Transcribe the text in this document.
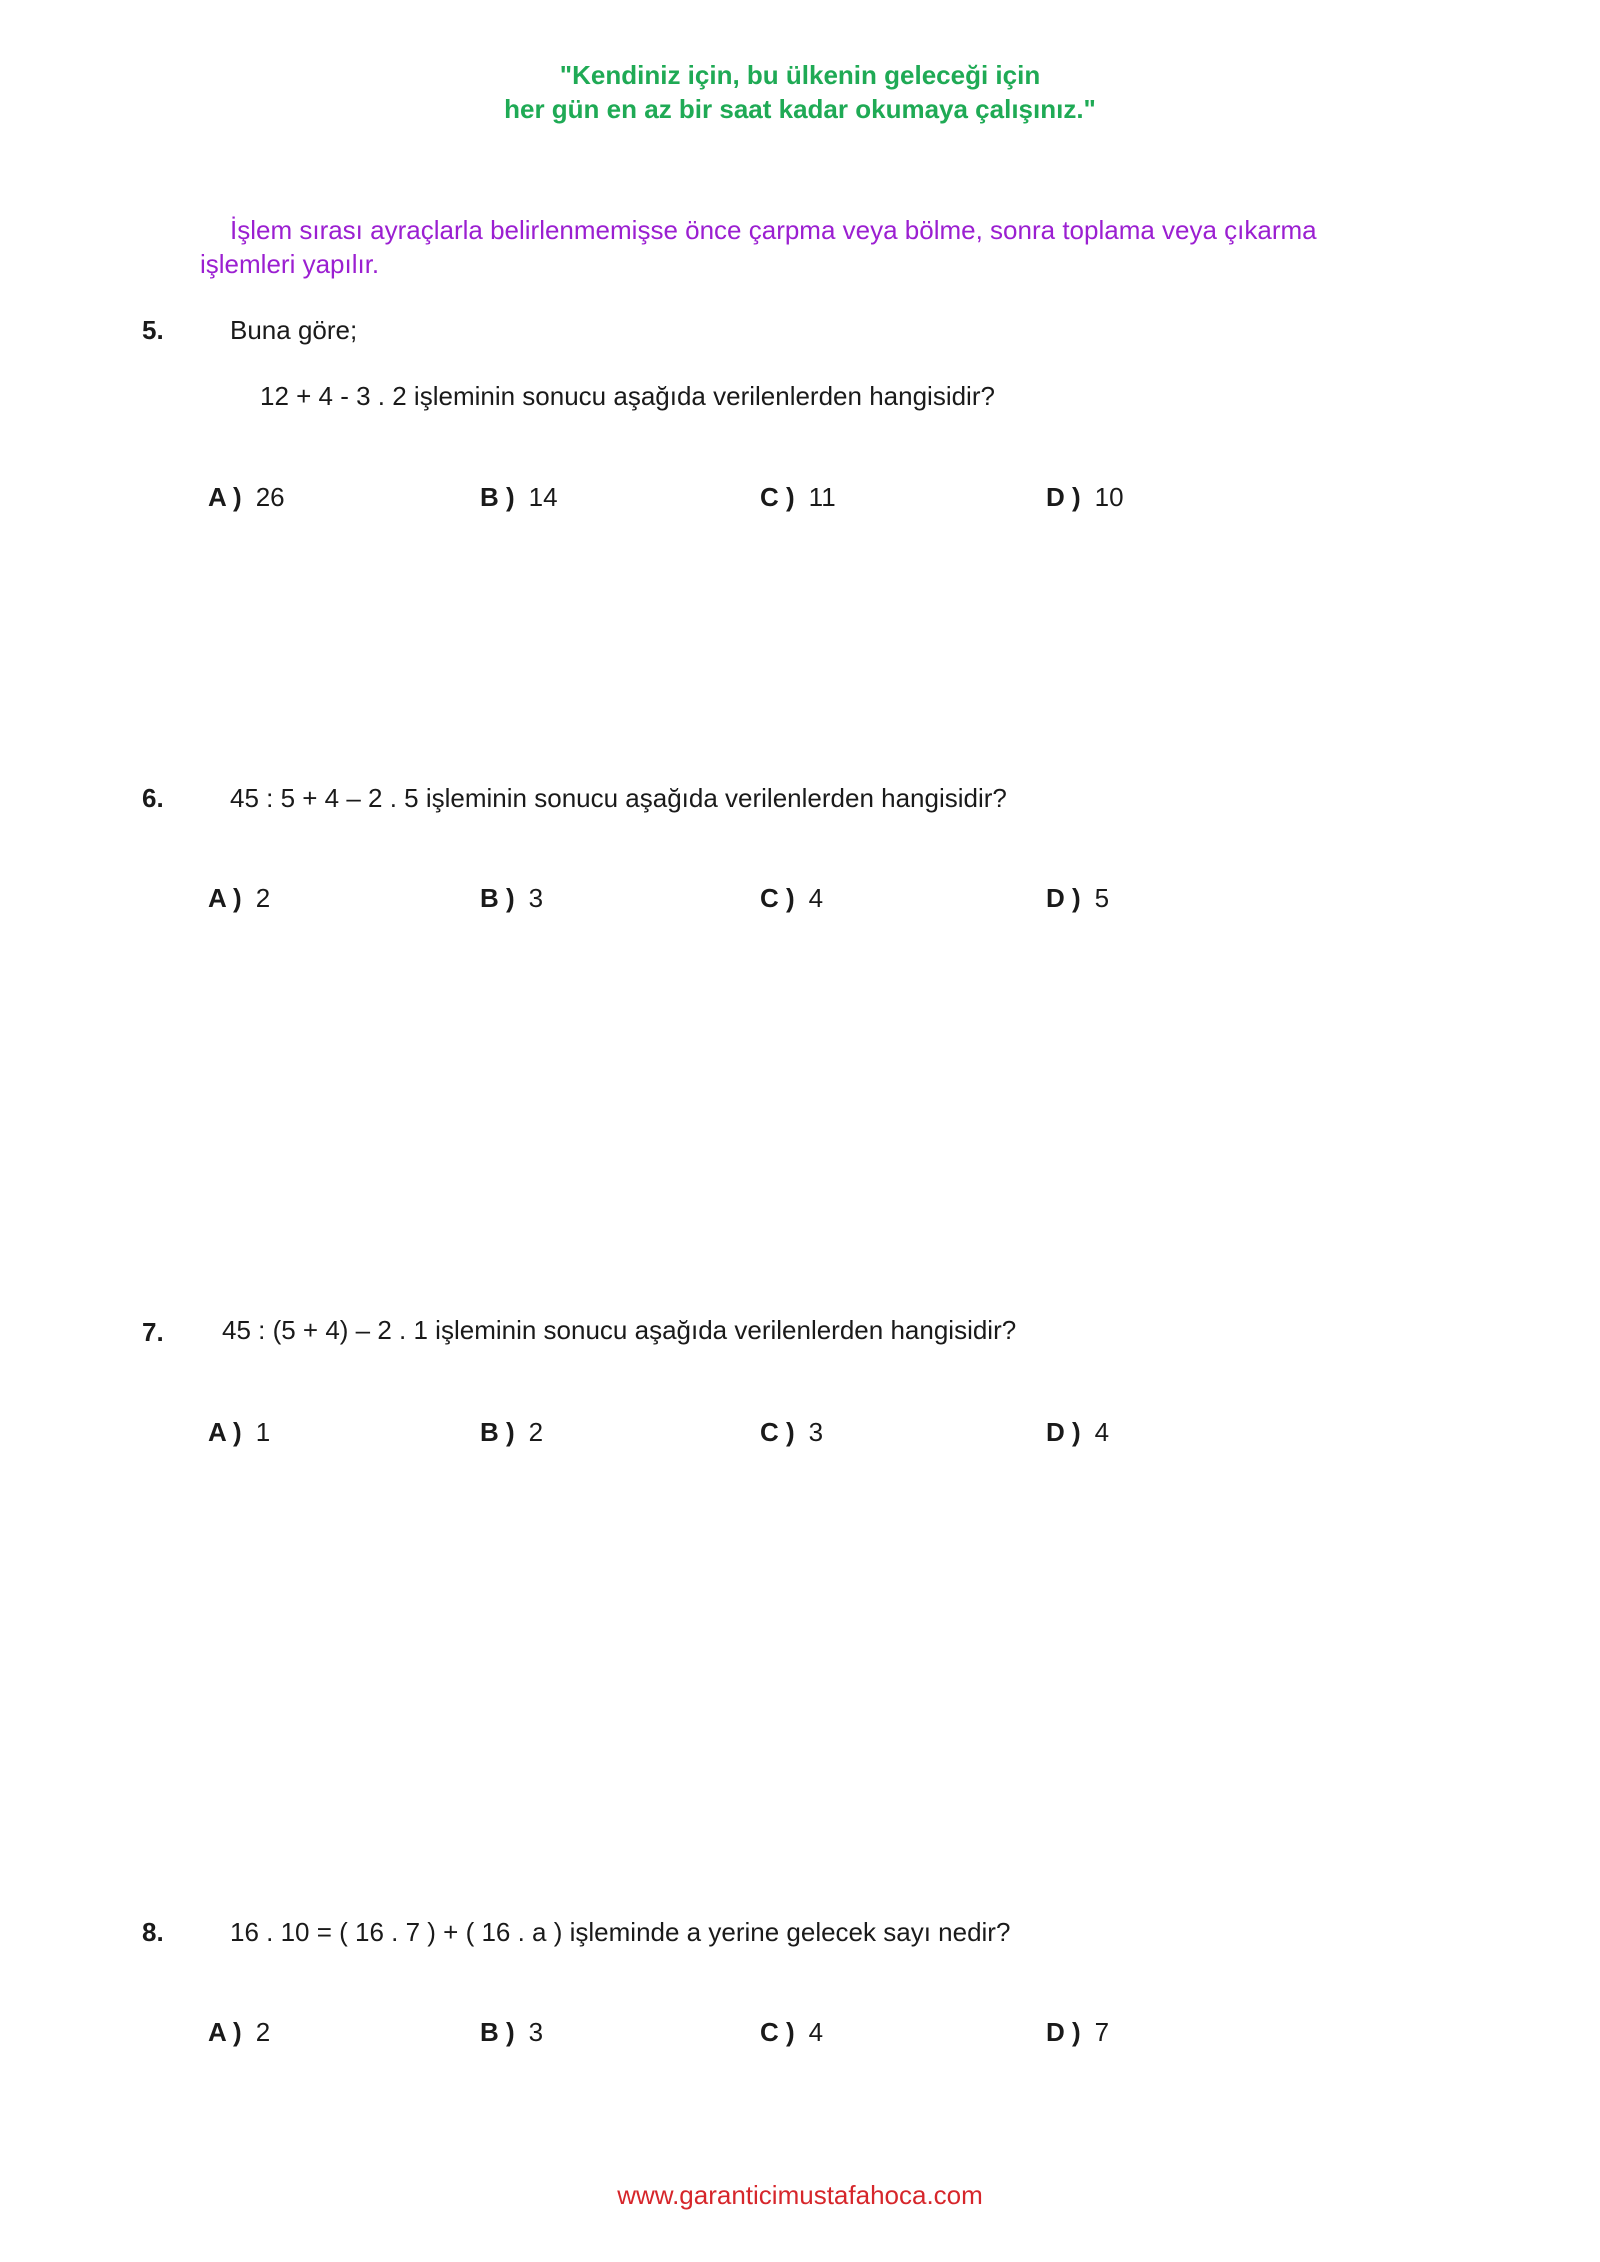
"Kendiniz için, bu ülkenin geleceği için
her gün en az bir saat kadar okumaya çalışınız."
İşlem sırası ayraçlarla belirlenmemişse önce çarpma veya bölme, sonra toplama veya çıkarma
işlemleri yapılır.
5.	Buna göre;
12 + 4 - 3 . 2 işleminin sonucu aşağıda verilenlerden hangisidir?
A ) 26	B ) 14	C ) 11	D ) 10
6.	45 : 5 + 4 – 2 . 5 işleminin sonucu aşağıda verilenlerden hangisidir?
A ) 2	B ) 3	C ) 4	D ) 5
7. 45 : (5 + 4) – 2 . 1 işleminin sonucu aşağıda verilenlerden hangisidir?
A ) 1	B ) 2	C ) 3	D ) 4
8.	16 . 10 = ( 16 . 7 ) + ( 16 . a ) işleminde a yerine gelecek sayı nedir?
A ) 2	B ) 3	C ) 4	D ) 7
www.garanticimustafahoca.com
